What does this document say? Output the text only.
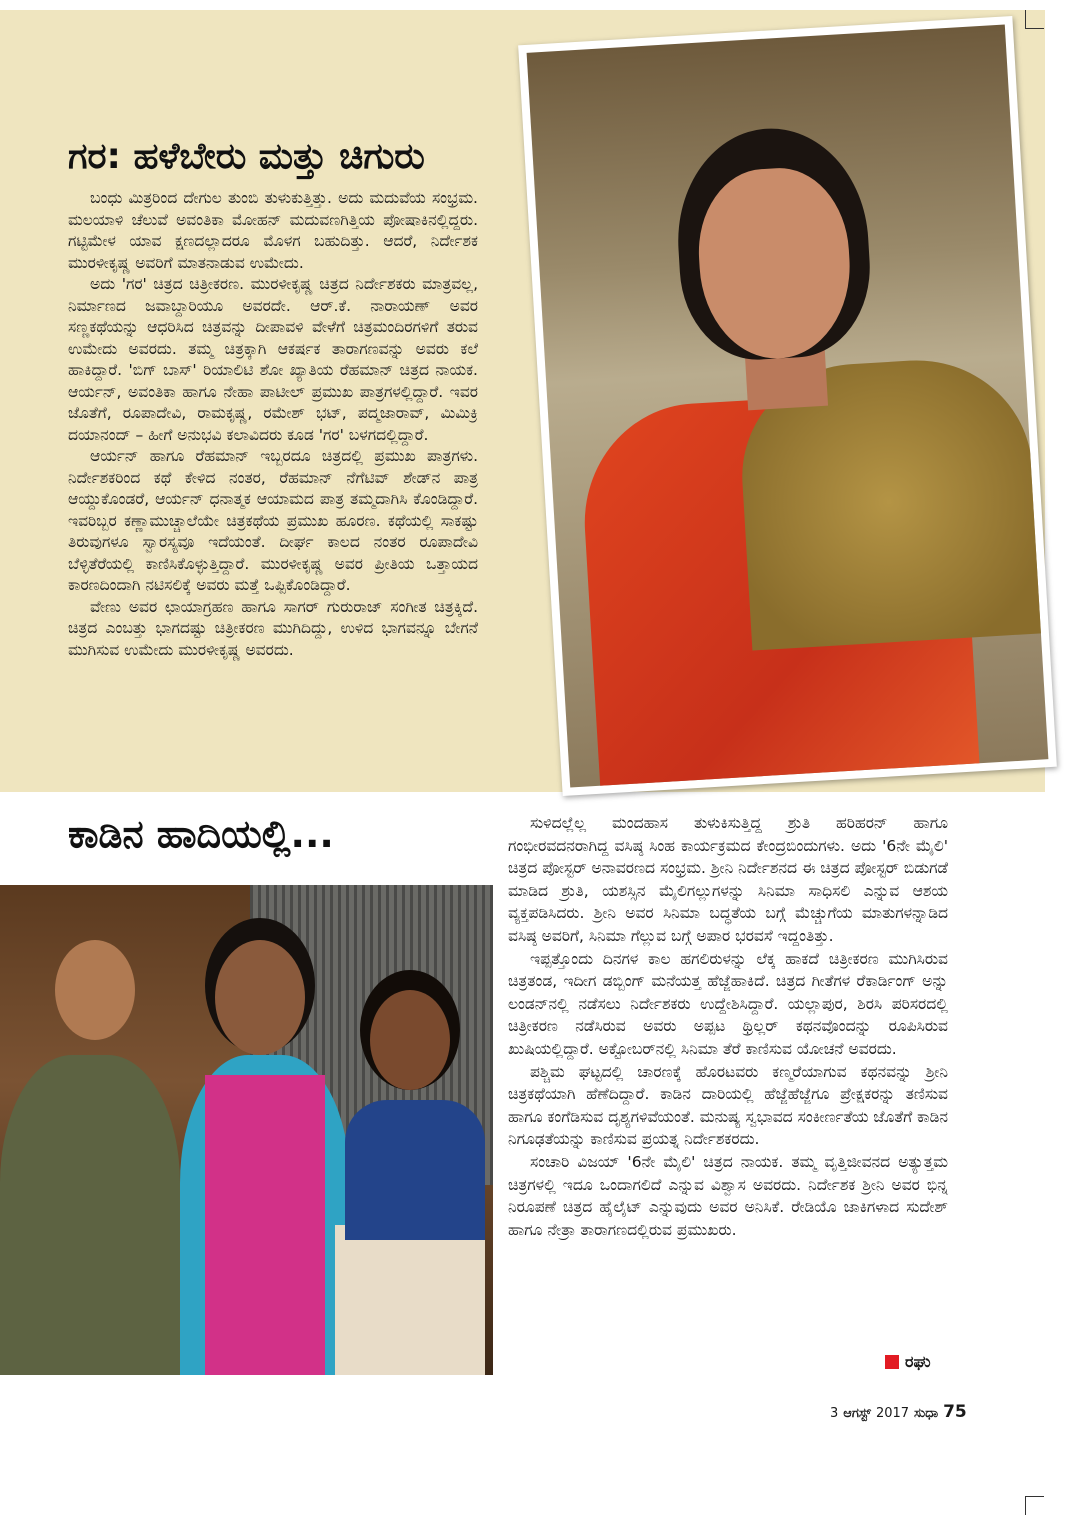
ಗರ: ಹಳೆಬೇರು ಮತ್ತು ಚಿಗುರು

ಬಂಧು ಮಿತ್ರರಿಂದ ದೇಗುಲ ತುಂಬಿ ತುಳುಕುತ್ತಿತ್ತು. ಅದು ಮದುವೆಯ ಸಂಭ್ರಮ. ಮಲಯಾಳಿ ಚೆಲುವೆ ಅವಂತಿಕಾ ಮೋಹನ್ ಮದುವಣಗಿತ್ತಿಯ ಪೋಷಾಕಿನಲ್ಲಿದ್ದರು. ಗಟ್ಟಿಮೇಳ ಯಾವ ಕ್ಷಣದಲ್ಲಾದರೂ ಮೊಳಗ ಬಹುದಿತ್ತು. ಆದರೆ, ನಿರ್ದೇಶಕ ಮುರಳೀಕೃಷ್ಣ ಅವರಿಗೆ ಮಾತನಾಡುವ ಉಮೇದು.

ಅದು 'ಗರ' ಚಿತ್ರದ ಚಿತ್ರೀಕರಣ. ಮುರಳೀಕೃಷ್ಣ ಚಿತ್ರದ ನಿರ್ದೇಶಕರು ಮಾತ್ರವಲ್ಲ, ನಿರ್ಮಾಣದ ಜವಾಬ್ದಾರಿಯೂ ಅವರದೇ. ಆರ್.ಕೆ. ನಾರಾಯಣ್ ಅವರ ಸಣ್ಣಕಥೆಯನ್ನು ಆಧರಿಸಿದ ಚಿತ್ರವನ್ನು ದೀಪಾವಳಿ ವೇಳೆಗೆ ಚಿತ್ರಮಂದಿರಗಳಿಗೆ ತರುವ ಉಮೇದು ಅವರದು. ತಮ್ಮ ಚಿತ್ರಕ್ಕಾಗಿ ಆಕರ್ಷಕ ತಾರಾಗಣವನ್ನು ಅವರು ಕಲೆ ಹಾಕಿದ್ದಾರೆ. 'ಬಿಗ್ ಬಾಸ್' ರಿಯಾಲಿಟಿ ಶೋ ಖ್ಯಾತಿಯ ರೆಹಮಾನ್ ಚಿತ್ರದ ನಾಯಕ. ಆರ್ಯನ್, ಅವಂತಿಕಾ ಹಾಗೂ ನೇಹಾ ಪಾಟೀಲ್ ಪ್ರಮುಖ ಪಾತ್ರಗಳಲ್ಲಿದ್ದಾರೆ. ಇವರ ಜೊತೆಗೆ, ರೂಪಾದೇವಿ, ರಾಮಕೃಷ್ಣ, ರಮೇಶ್ ಭಟ್, ಪದ್ಮಜಾರಾವ್, ಮಿಮಿಕ್ರಿ ದಯಾನಂದ್ – ಹೀಗೆ ಅನುಭವಿ ಕಲಾವಿದರು ಕೂಡ 'ಗರ' ಬಳಗದಲ್ಲಿದ್ದಾರೆ.

ಆರ್ಯನ್ ಹಾಗೂ ರೆಹಮಾನ್ ಇಬ್ಬರದೂ ಚಿತ್ರದಲ್ಲಿ ಪ್ರಮುಖ ಪಾತ್ರಗಳು. ನಿರ್ದೇಶಕರಿಂದ ಕಥೆ ಕೇಳಿದ ನಂತರ, ರೆಹಮಾನ್ ನೆಗೆಟಿವ್ ಶೇಡ್‌ನ ಪಾತ್ರ ಆಯ್ದುಕೊಂಡರೆ, ಆರ್ಯನ್ ಧನಾತ್ಮಕ ಆಯಾಮದ ಪಾತ್ರ ತಮ್ಮದಾಗಿಸಿ ಕೊಂಡಿದ್ದಾರೆ. ಇವರಿಬ್ಬರ ಕಣ್ಣಾಮುಚ್ಚಾಲೆಯೇ ಚಿತ್ರಕಥೆಯ ಪ್ರಮುಖ ಹೂರಣ. ಕಥೆಯಲ್ಲಿ ಸಾಕಷ್ಟು ತಿರುವುಗಳೂ ಸ್ವಾರಸ್ಯವೂ ಇದೆಯಂತೆ. ದೀರ್ಘ ಕಾಲದ ನಂತರ ರೂಪಾದೇವಿ ಬೆಳ್ಳಿತೆರೆಯಲ್ಲಿ ಕಾಣಿಸಿಕೊಳ್ಳುತ್ತಿದ್ದಾರೆ. ಮುರಳೀಕೃಷ್ಣ ಅವರ ಪ್ರೀತಿಯ ಒತ್ತಾಯದ ಕಾರಣದಿಂದಾಗಿ ನಟಿಸಲಿಕ್ಕೆ ಅವರು ಮತ್ತೆ ಒಪ್ಪಿಕೊಂಡಿದ್ದಾರೆ.

ವೇಣು ಅವರ ಛಾಯಾಗ್ರಹಣ ಹಾಗೂ ಸಾಗರ್ ಗುರುರಾಜ್ ಸಂಗೀತ ಚಿತ್ರಕ್ಕಿದೆ. ಚಿತ್ರದ ಎಂಬತ್ತು ಭಾಗದಷ್ಟು ಚಿತ್ರೀಕರಣ ಮುಗಿದಿದ್ದು, ಉಳಿದ ಭಾಗವನ್ನೂ ಬೇಗನೆ ಮುಗಿಸುವ ಉಮೇದು ಮುರಳೀಕೃಷ್ಣ ಅವರದು.

ಕಾಡಿನ ಹಾದಿಯಲ್ಲಿ...	ಸುಳಿದಲ್ಲೆಲ್ಲ ಮಂದಹಾಸ ತುಳುಕಿಸುತ್ತಿದ್ದ ಶ್ರುತಿ ಹರಿಹರನ್ ಹಾಗೂ ಗಂಭೀರವದನರಾಗಿದ್ದ ವಸಿಷ್ಠ ಸಿಂಹ ಕಾರ್ಯಕ್ರಮದ ಕೇಂದ್ರಬಿಂದುಗಳು. ಅದು '6ನೇ ಮೈಲಿ' ಚಿತ್ರದ ಪೋಸ್ಟರ್ ಅನಾವರಣದ ಸಂಭ್ರಮ. ಶ್ರೀನಿ ನಿರ್ದೇಶನದ ಈ ಚಿತ್ರದ ಪೋಸ್ಟರ್ ಬಿಡುಗಡೆ ಮಾಡಿದ ಶ್ರುತಿ, ಯಶಸ್ಸಿನ ಮೈಲಿಗಲ್ಲುಗಳನ್ನು ಸಿನಿಮಾ ಸಾಧಿಸಲಿ ಎನ್ನುವ ಆಶಯ ವ್ಯಕ್ತಪಡಿಸಿದರು. ಶ್ರೀನಿ ಅವರ ಸಿನಿಮಾ ಬದ್ಧತೆಯ ಬಗ್ಗೆ ಮೆಚ್ಚುಗೆಯ ಮಾತುಗಳನ್ನಾಡಿದ ವಸಿಷ್ಠ ಅವರಿಗೆ, ಸಿನಿಮಾ ಗೆಲ್ಲುವ ಬಗ್ಗೆ ಅಪಾರ ಭರವಸೆ ಇದ್ದಂತಿತ್ತು.

ಇಪ್ಪತ್ತೊಂದು ದಿನಗಳ ಕಾಲ ಹಗಲಿರುಳನ್ನು ಲೆಕ್ಕ ಹಾಕದೆ ಚಿತ್ರೀಕರಣ ಮುಗಿಸಿರುವ ಚಿತ್ರತಂಡ, ಇದೀಗ ಡಬ್ಬಿಂಗ್ ಮನೆಯತ್ತ ಹೆಜ್ಜೆಹಾಕಿದೆ. ಚಿತ್ರದ ಗೀತೆಗಳ ರೆಕಾರ್ಡಿಂಗ್ ಅನ್ನು ಲಂಡನ್‌ನಲ್ಲಿ ನಡೆಸಲು ನಿರ್ದೇಶಕರು ಉದ್ದೇಶಿಸಿದ್ದಾರೆ. ಯಲ್ಲಾಪುರ, ಶಿರಸಿ ಪರಿಸರದಲ್ಲಿ ಚಿತ್ರೀಕರಣ ನಡೆಸಿರುವ ಅವರು ಅಪ್ಪಟ ಥ್ರಿಲ್ಲರ್ ಕಥನವೊಂದನ್ನು ರೂಪಿಸಿರುವ ಖುಷಿಯಲ್ಲಿದ್ದಾರೆ. ಅಕ್ಟೋಬರ್‌ನಲ್ಲಿ ಸಿನಿಮಾ ತೆರೆ ಕಾಣಿಸುವ ಯೋಚನೆ ಅವರದು.

ಪಶ್ಚಿಮ ಘಟ್ಟದಲ್ಲಿ ಚಾರಣಕ್ಕೆ ಹೊರಟವರು ಕಣ್ಮರೆಯಾಗುವ ಕಥನವನ್ನು ಶ್ರೀನಿ ಚಿತ್ರಕಥೆಯಾಗಿ ಹೆಣೆದಿದ್ದಾರೆ. ಕಾಡಿನ ದಾರಿಯಲ್ಲಿ ಹೆಜ್ಜೆಹೆಜ್ಜೆಗೂ ಪ್ರೇಕ್ಷಕರನ್ನು ತಣಿಸುವ ಹಾಗೂ ಕಂಗೆಡಿಸುವ ದೃಶ್ಯಗಳಿವೆಯಂತೆ. ಮನುಷ್ಯ ಸ್ವಭಾವದ ಸಂಕೀರ್ಣತೆಯ ಜೊತೆಗೆ ಕಾಡಿನ ನಿಗೂಢತೆಯನ್ನು ಕಾಣಿಸುವ ಪ್ರಯತ್ನ ನಿರ್ದೇಶಕರದು.

ಸಂಚಾರಿ ವಿಜಯ್ '6ನೇ ಮೈಲಿ' ಚಿತ್ರದ ನಾಯಕ. ತಮ್ಮ ವೃತ್ತಿಜೀವನದ ಅತ್ಯುತ್ತಮ ಚಿತ್ರಗಳಲ್ಲಿ ಇದೂ ಒಂದಾಗಲಿದೆ ಎನ್ನುವ ವಿಶ್ವಾಸ ಅವರದು. ನಿರ್ದೇಶಕ ಶ್ರೀನಿ ಅವರ ಭಿನ್ನ ನಿರೂಪಣೆ ಚಿತ್ರದ ಹೈಲೈಟ್ ಎನ್ನುವುದು ಅವರ ಅನಿಸಿಕೆ. ರೇಡಿಯೊ ಜಾಕಿಗಳಾದ ಸುದೇಶ್ ಹಾಗೂ ನೇತ್ರಾ ತಾರಾಗಣದಲ್ಲಿರುವ ಪ್ರಮುಖರು.

ರಘು
3 ಆಗಸ್ಟ್ 2017 ಸುಧಾ 75
